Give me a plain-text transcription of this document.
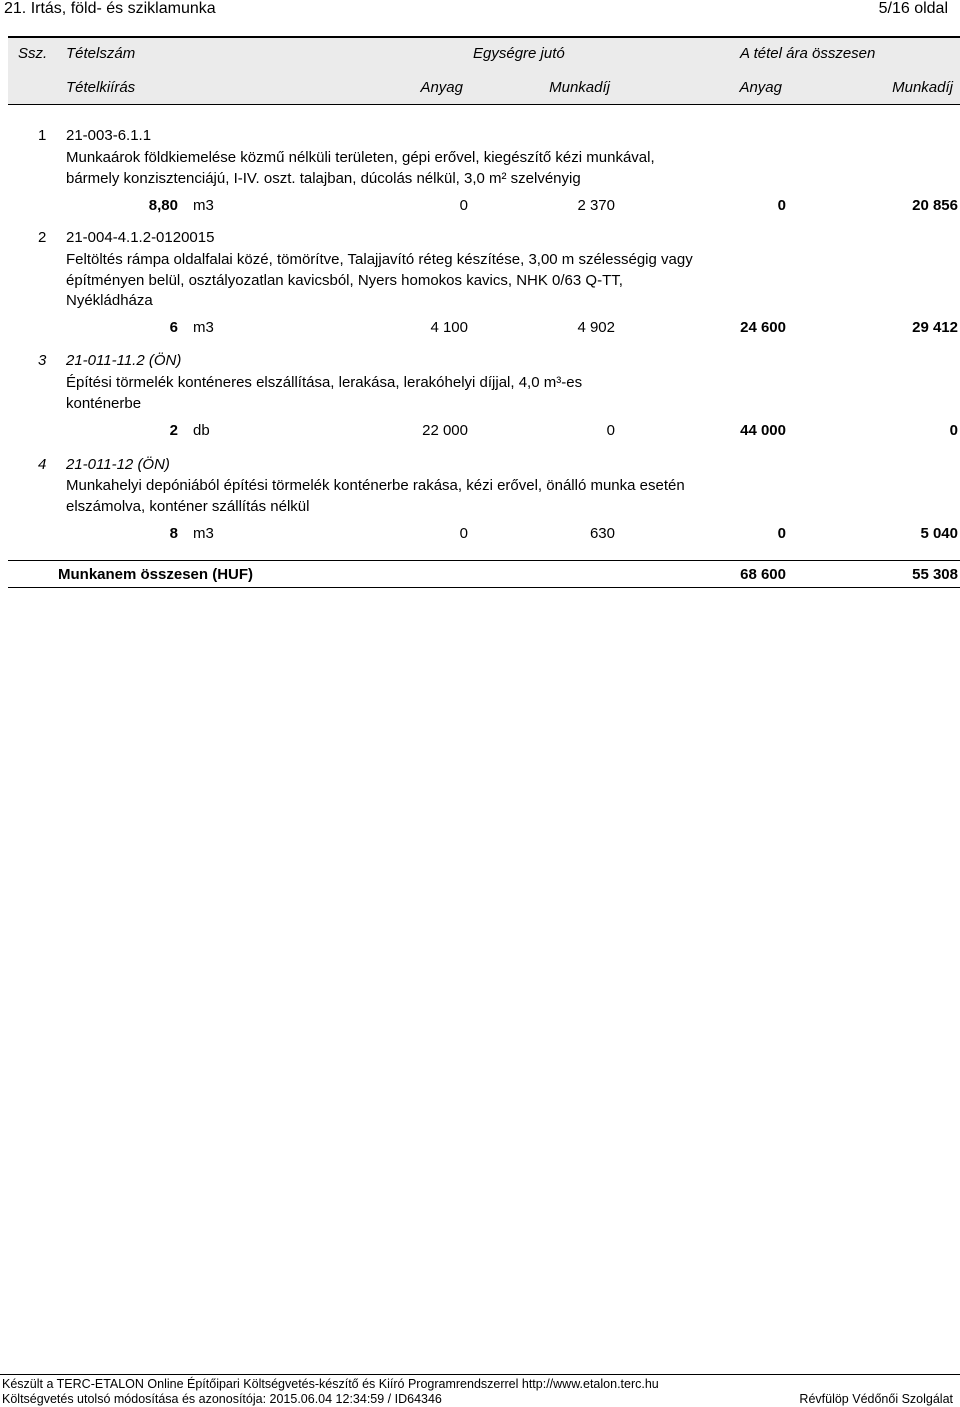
21. Irtás, föld- és sziklamunka	5/16 oldal
Ssz. Tételszám	Egységre jutó	A tétel ára összesen
Tételkiírás	Anyag	Munkadíj	Anyag	Munkadíj
1 21-003-6.1.1
Munkaárok földkiemelése közmű nélküli területen, gépi erővel, kiegészítő kézi munkával, bármely konzisztenciájú, I-IV. oszt. talajban, dúcolás nélkül, 3,0 m² szelvényig
8,80 m3	0	2 370	0	20 856
2 21-004-4.1.2-0120015
Feltöltés rámpa oldalfalai közé, tömörítve, Talajjavító réteg készítése, 3,00 m szélességig vagy építményen belül, osztályozatlan kavicsból, Nyers homokos kavics, NHK 0/63 Q-TT, Nyékládháza
6 m3	4 100	4 902	24 600	29 412
3 21-011-11.2 (ÖN)
Építési törmelék konténeres elszállítása, lerakása, lerakóhelyi díjjal, 4,0 m³-es konténerbe
2 db	22 000	0	44 000	0
4 21-011-12 (ÖN)
Munkahelyi depóniából építési törmelék konténerbe rakása, kézi erővel, önálló munka esetén elszámolva, konténer szállítás nélkül
8 m3	0	630	0	5 040
Munkanem összesen (HUF)	68 600	55 308
Készült a TERC-ETALON Online Építőipari Költségvetés-készítő és Kiíró Programrendszerrel http://www.etalon.terc.hu
Költségvetés utolsó módosítása és azonosítója: 2015.06.04 12:34:59 / ID64346	Révfülöp Védőnői Szolgálat
